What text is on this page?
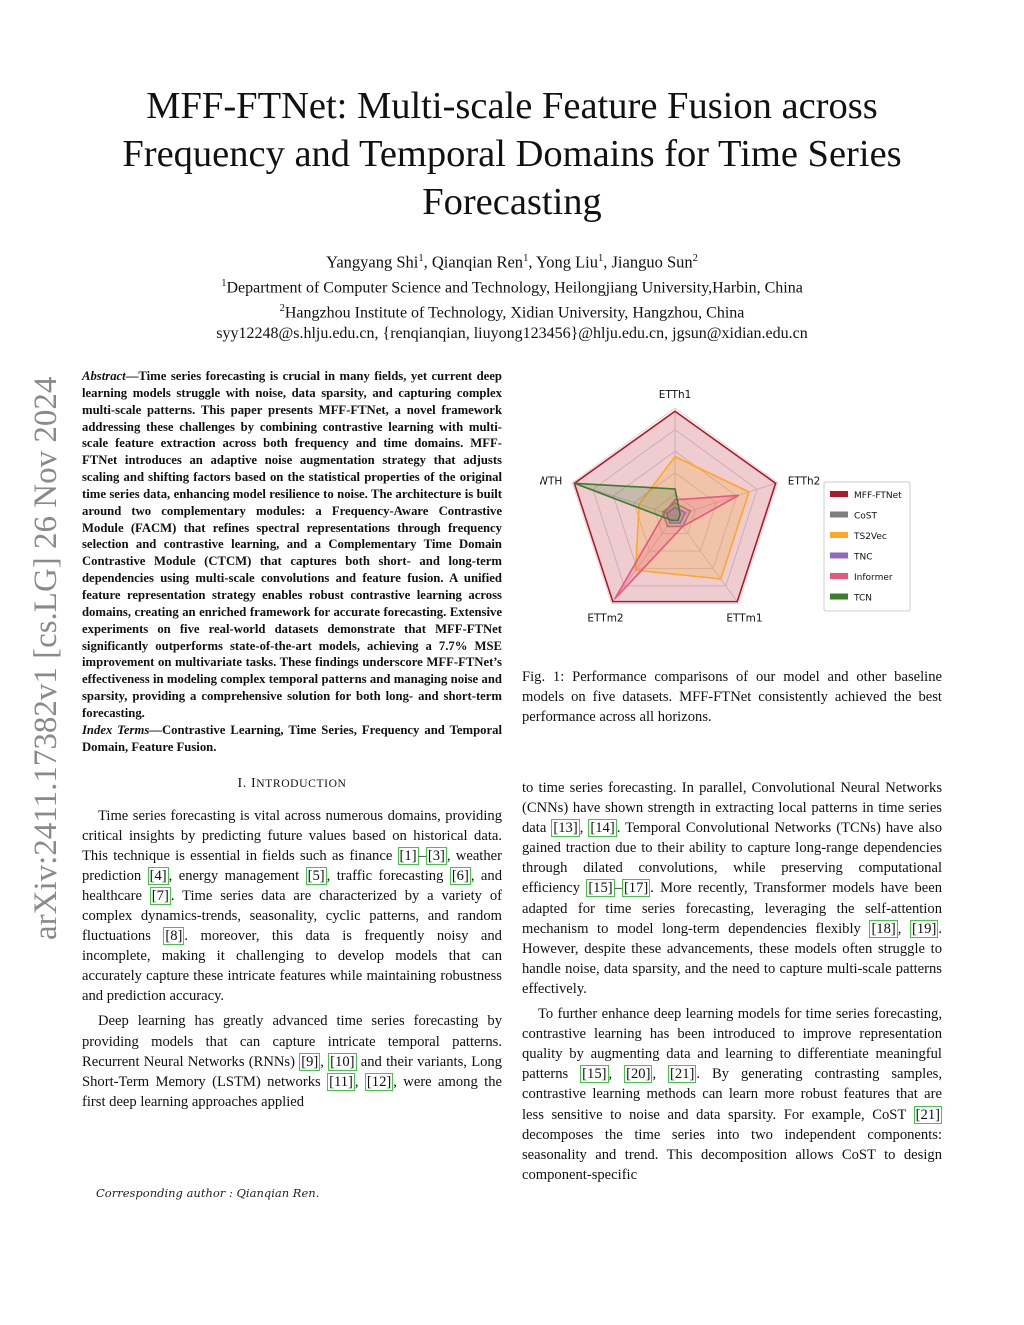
arXiv:2411.17382v1 [cs.LG] 26 Nov 2024
MFF-FTNet: Multi-scale Feature Fusion across
Frequency and Temporal Domains for Time Series
Forecasting
Yangyang Shi$^1$, Qianqian Ren$^1$, Yong Liu$^1$, Jianguo Sun$^2$
$^1$Department of Computer Science and Technology, Heilongjiang University,Harbin, China
$^2$Hangzhou Institute of Technology, Xidian University, Hangzhou, China
syy12248@s.hlju.edu.cn, {renqianqian, liuyong123456}@hlju.edu.cn, jgsun@xidian.edu.cn

Abstract—Time series forecasting is crucial in many fields, yet current deep learning models struggle with noise, data sparsity, and capturing complex multi-scale patterns. This paper presents MFF-FTNet, a novel framework addressing these challenges by combining contrastive learning with multi-scale feature extraction across both frequency and time domains. MFF-FTNet introduces an adaptive noise augmentation strategy that adjusts scaling and shifting factors based on the statistical properties of the original time series data, enhancing model resilience to noise. The architecture is built around two complementary modules: a Frequency-Aware Contrastive Module (FACM) that refines spectral representations through frequency selection and contrastive learning, and a Complementary Time Domain Contrastive Module (CTCM) that captures both short- and long-term dependencies using multi-scale convolutions and feature fusion. A unified feature representation strategy enables robust contrastive learning across domains, creating an enriched framework for accurate forecasting. Extensive experiments on five real-world datasets demonstrate that MFF-FTNet significantly outperforms state-of-the-art models, achieving a 7.7% MSE improvement on multivariate tasks. These findings underscore MFF-FTNet’s effectiveness in modeling complex temporal patterns and managing noise and sparsity, providing a comprehensive solution for both long- and short-term forecasting.

Index Terms—Contrastive Learning, Time Series, Frequency and Temporal Domain, Feature Fusion.

I. INTRODUCTION

Time series forecasting is vital across numerous domains, providing critical insights by predicting future values based on historical data. This technique is essential in fields such as finance [1] – [3] , weather prediction [4] , energy management [5] , traffic forecasting [6] , and healthcare [7] . Time series data are characterized by a variety of complex dynamics-trends, seasonality, cyclic patterns, and random fluctuations [8] . moreover, this data is frequently noisy and incomplete, making it challenging to develop models that can accurately capture these intricate features while maintaining robustness and prediction accuracy.

Deep learning has greatly advanced time series forecasting by providing models that can capture intricate temporal patterns. Recurrent Neural Networks (RNNs) [9] , [10] and their variants, Long Short-Term Memory (LSTM) networks [11] , [12] , were among the first deep learning approaches applied

Corresponding author : Qianqian Ren.
ETTh1
ETTh2
ETTm1
ETTm2
WTH
MFF-FTNet
CoST
TS2Vec
TNC
Informer
TCN
Fig. 1: Performance comparisons of our model and other baseline models on five datasets. MFF-FTNet consistently achieved the best performance across all horizons.

to time series forecasting. In parallel, Convolutional Neural Networks (CNNs) have shown strength in extracting local patterns in time series data [13] , [14] . Temporal Convolutional Networks (TCNs) have also gained traction due to their ability to capture long-range dependencies through dilated convolutions, while preserving computational efficiency [15] – [17] . More recently, Transformer models have been adapted for time series forecasting, leveraging the self-attention mechanism to model long-term dependencies flexibly [18] , [19] . However, despite these advancements, these models often struggle to handle noise, data sparsity, and the need to capture multi-scale patterns effectively.

To further enhance deep learning models for time series forecasting, contrastive learning has been introduced to improve representation quality by augmenting data and learning to differentiate meaningful patterns [15] , [20] , [21] . By generating contrasting samples, contrastive learning methods can learn more robust features that are less sensitive to noise and data sparsity. For example, CoST [21] decomposes the time series into two independent components: seasonality and trend. This decomposition allows CoST to design component-specific
